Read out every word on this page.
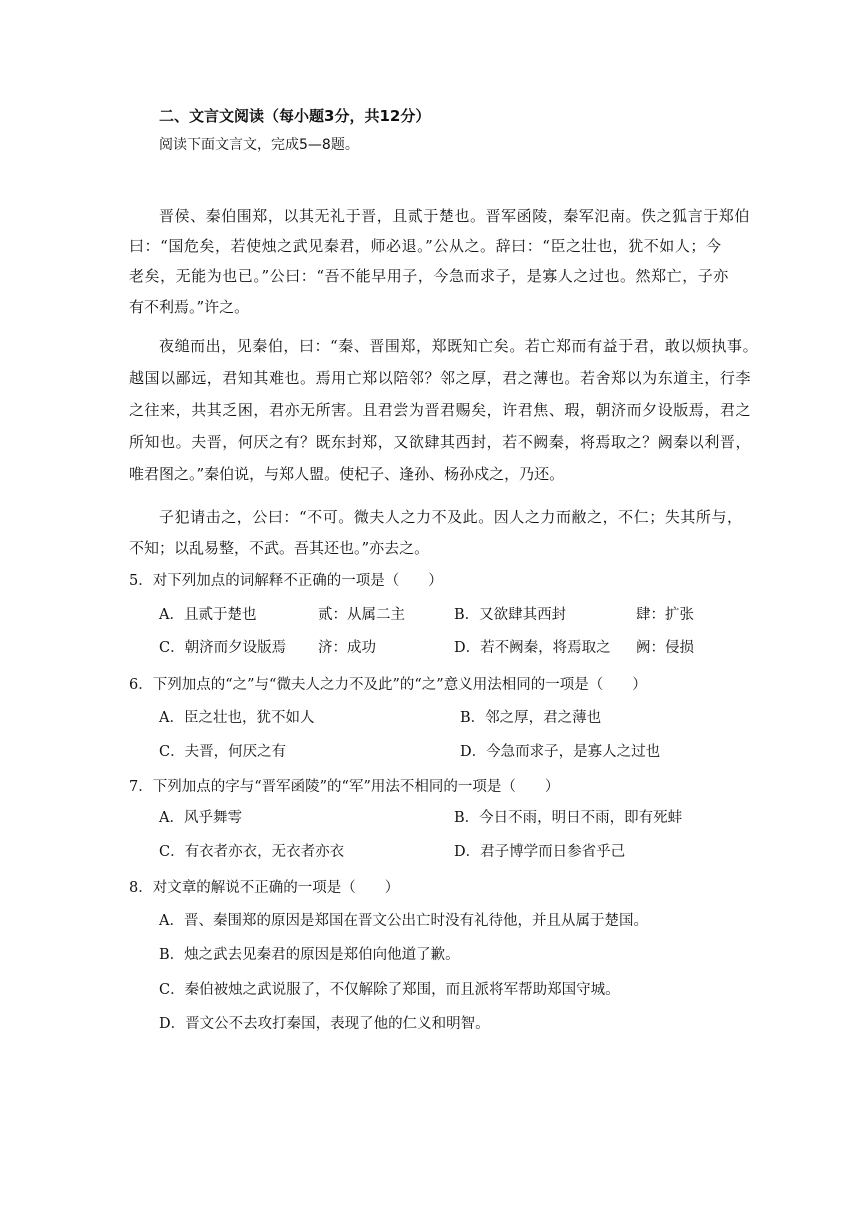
二、文言文阅读（每小题3分，共12分）
阅读下面文言文，完成5—8题。
晋侯、秦伯围郑，以其无礼于晋，且贰于楚也。晋军函陵，秦军氾南。佚之狐言于郑伯
曰：“国危矣，若使烛之武见秦君，师必退。”公从之。辞曰：“臣之壮也，犹不如人；今
老矣，无能为也已。”公曰：“吾不能早用子，今急而求子，是寡人之过也。然郑亡，子亦
有不利焉。”许之。
夜缒而出，见秦伯，曰：“秦、晋围郑，郑既知亡矣。若亡郑而有益于君，敢以烦执事。
越国以鄙远，君知其难也。焉用亡郑以陪邻？邻之厚，君之薄也。若舍郑以为东道主，行李
之往来，共其乏困，君亦无所害。且君尝为晋君赐矣，许君焦、瑕，朝济而夕设版焉，君之
所知也。夫晋，何厌之有？既东封郑，又欲肆其西封，若不阙秦，将焉取之？阙秦以利晋，
唯君图之。”秦伯说，与郑人盟。使杞子、逢孙、杨孙戍之，乃还。
子犯请击之，公曰：“不可。微夫人之力不及此。因人之力而敝之，不仁；失其所与，
不知；以乱易整，不武。吾其还也。”亦去之。
5．对下列加点的词解释不正确的一项是（　　）
A．且贰于楚也	贰：从属二主	B．又欲肆其西封	肆：扩张
C．朝济而夕设版焉 济：成功	D．若不阙秦，将焉取之 阙：侵损
6．下列加点的“之”与“微夫人之力不及此”的“之”意义用法相同的一项是（　　）
A．臣之壮也，犹不如人	B．邻之厚，君之薄也
C．夫晋，何厌之有	D．今急而求子，是寡人之过也
7．下列加点的字与“晋军函陵”的“军”用法不相同的一项是（　　）
A．风乎舞雩	B．今日不雨，明日不雨，即有死蚌
C．有衣者亦衣，无衣者亦衣	D．君子博学而日参省乎己
8．对文章的解说不正确的一项是（　　）
A．晋、秦围郑的原因是郑国在晋文公出亡时没有礼待他，并且从属于楚国。
B．烛之武去见秦君的原因是郑伯向他道了歉。
C．秦伯被烛之武说服了，不仅解除了郑围，而且派将军帮助郑国守城。
D．晋文公不去攻打秦国，表现了他的仁义和明智。
